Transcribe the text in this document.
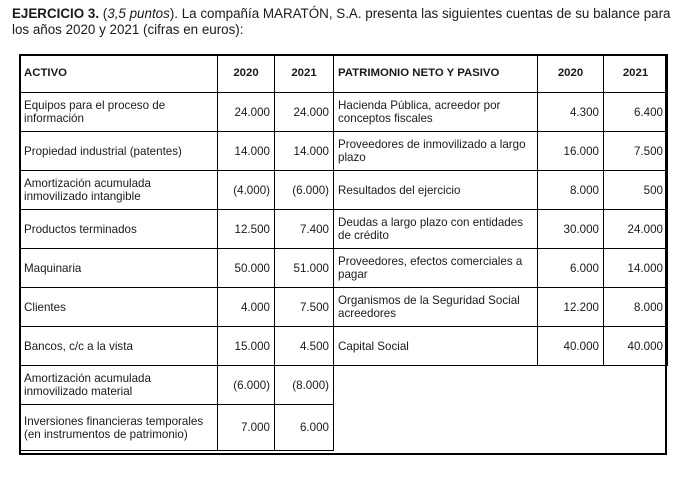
EJERCICIO 3. (3,5 puntos). La compañía MARATÓN, S.A. presenta las siguientes cuentas de su balance para los años 2020 y 2021 (cifras en euros):
ACTIVO	2020	2021	PATRIMONIO NETO Y PASIVO	2020	2021
Equipos para el proceso de información	24.000	24.000	Hacienda Pública, acreedor por conceptos fiscales	4.300	6.400
Propiedad industrial (patentes)	14.000	14.000	Proveedores de inmovilizado a largo plazo	16.000	7.500
Amortización acumulada inmovilizado intangible	(4.000)	(6.000)	Resultados del ejercicio	8.000	500
Productos terminados	12.500	7.400	Deudas a largo plazo con entidades de crédito	30.000	24.000
Maquinaria	50.000	51.000	Proveedores, efectos comerciales a pagar	6.000	14.000
Clientes	4.000	7.500	Organismos de la Seguridad Social acreedores	12.200	8.000
Bancos, c/c a la vista	15.000	4.500	Capital Social	40.000	40.000
Amortización acumulada inmovilizado material	(6.000)	(8.000)			
Inversiones financieras temporales (en instrumentos de patrimonio)	7.000	6.000			
